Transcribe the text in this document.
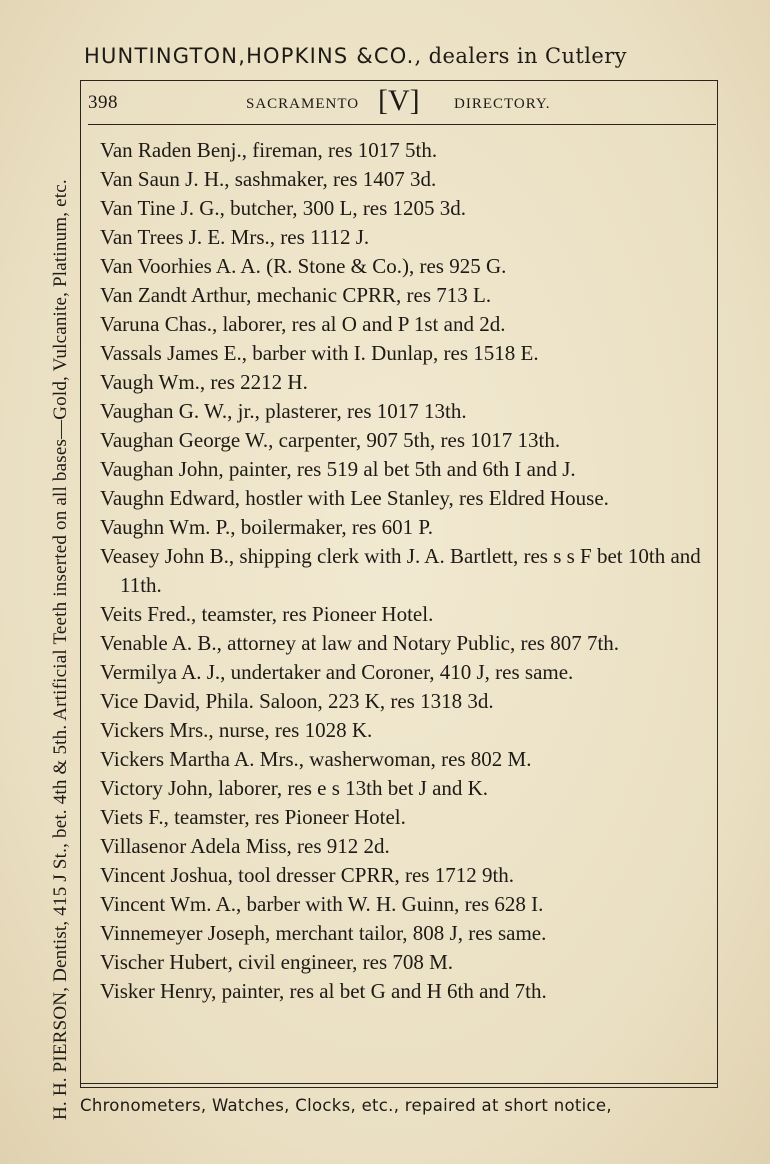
HUNTINGTON,HOPKINS &CO., dealers in Cutlery
H. H. PIERSON, Dentist, 415 J St., bet. 4th & 5th. Artificial Teeth inserted on all bases—Gold, Vulcanite, Platinum, etc.
398	SACRAMENTO [V] DIRECTORY.
Van Raden Benj., fireman, res 1017 5th.
Van Saun J. H., sashmaker, res 1407 3d.
Van Tine J. G., butcher, 300 L, res 1205 3d.
Van Trees J. E. Mrs., res 1112 J.
Van Voorhies A. A. (R. Stone & Co.), res 925 G.
Van Zandt Arthur, mechanic CPRR, res 713 L.
Varuna Chas., laborer, res al O and P 1st and 2d.
Vassals James E., barber with I. Dunlap, res 1518 E.
Vaugh Wm., res 2212 H.
Vaughan G. W., jr., plasterer, res 1017 13th.
Vaughan George W., carpenter, 907 5th, res 1017 13th.
Vaughan John, painter, res 519 al bet 5th and 6th I and J.
Vaughn Edward, hostler with Lee Stanley, res Eldred House.
Vaughn Wm. P., boilermaker, res 601 P.
Veasey John B., shipping clerk with J. A. Bartlett, res s s F bet 10th and 11th.
Veits Fred., teamster, res Pioneer Hotel.
Venable A. B., attorney at law and Notary Public, res 807 7th.
Vermilya A. J., undertaker and Coroner, 410 J, res same.
Vice David, Phila. Saloon, 223 K, res 1318 3d.
Vickers Mrs., nurse, res 1028 K.
Vickers Martha A. Mrs., washerwoman, res 802 M.
Victory John, laborer, res e s 13th bet J and K.
Viets F., teamster, res Pioneer Hotel.
Villasenor Adela Miss, res 912 2d.
Vincent Joshua, tool dresser CPRR, res 1712 9th.
Vincent Wm. A., barber with W. H. Guinn, res 628 I.
Vinnemeyer Joseph, merchant tailor, 808 J, res same.
Vischer Hubert, civil engineer, res 708 M.
Visker Henry, painter, res al bet G and H 6th and 7th.
Chronometers, Watches, Clocks, etc., repaired at short notice,
